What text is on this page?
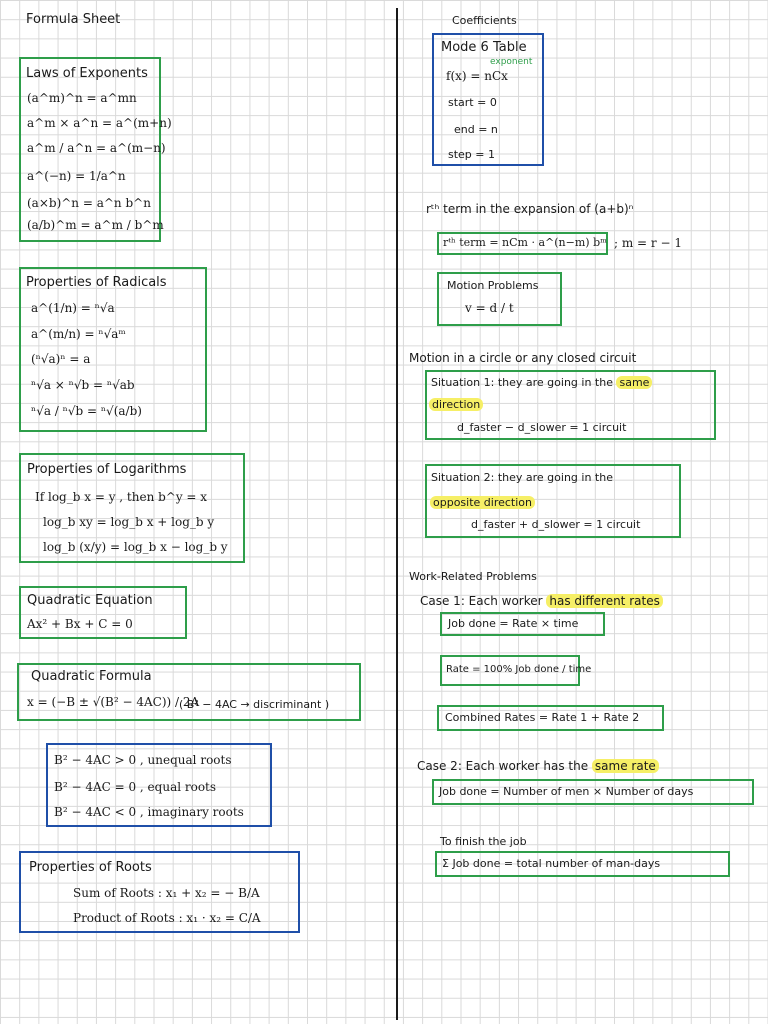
Formula Sheet	Coefficients
Laws of Exponents
(a^m)^n = a^mn
a^m × a^n = a^(m+n)
a^m / a^n = a^(m−n)
a^(−n) = 1/a^n
(a×b)^n = a^n b^n
(a/b)^m = a^m / b^m
Properties of Radicals
a^(1/n) = ⁿ√a
a^(m/n) = ⁿ√aᵐ
(ⁿ√a)ⁿ = a
ⁿ√a × ⁿ√b = ⁿ√ab
ⁿ√a / ⁿ√b = ⁿ√(a/b)
Properties of Logarithms
If log_b x = y , then b^y = x
log_b xy = log_b x + log_b y
log_b (x/y) = log_b x − log_b y
Quadratic Equation
Ax² + Bx + C = 0
Quadratic Formula
x = (−B ± √(B² − 4AC)) / 2A
( B² − 4AC → discriminant )
B² − 4AC > 0 , unequal roots
B² − 4AC = 0 , equal roots
B² − 4AC < 0 , imaginary roots
Properties of Roots
Sum of Roots : x₁ + x₂ = − B/A
Product of Roots : x₁ · x₂ = C/A
Mode 6 Table
exponent
f(x) = nCx
start = 0
end = n
step = 1
rᵗʰ term in the expansion of (a+b)ⁿ
rᵗʰ term = nCm · a^(n−m) bᵐ ; m = r − 1
Motion Problems
v = d / t
Motion in a circle or any closed circuit
Situation 1: they are going in the same
direction
d_faster − d_slower = 1 circuit
Situation 2: they are going in the
opposite direction
d_faster + d_slower = 1 circuit
Work-Related Problems
Case 1: Each worker has different rates
Job done = Rate × time
Rate = 100% Job done / time
Combined Rates = Rate 1 + Rate 2
Case 2: Each worker has the same rate
Job done = Number of men × Number of days
To finish the job
Σ Job done = total number of man-days
